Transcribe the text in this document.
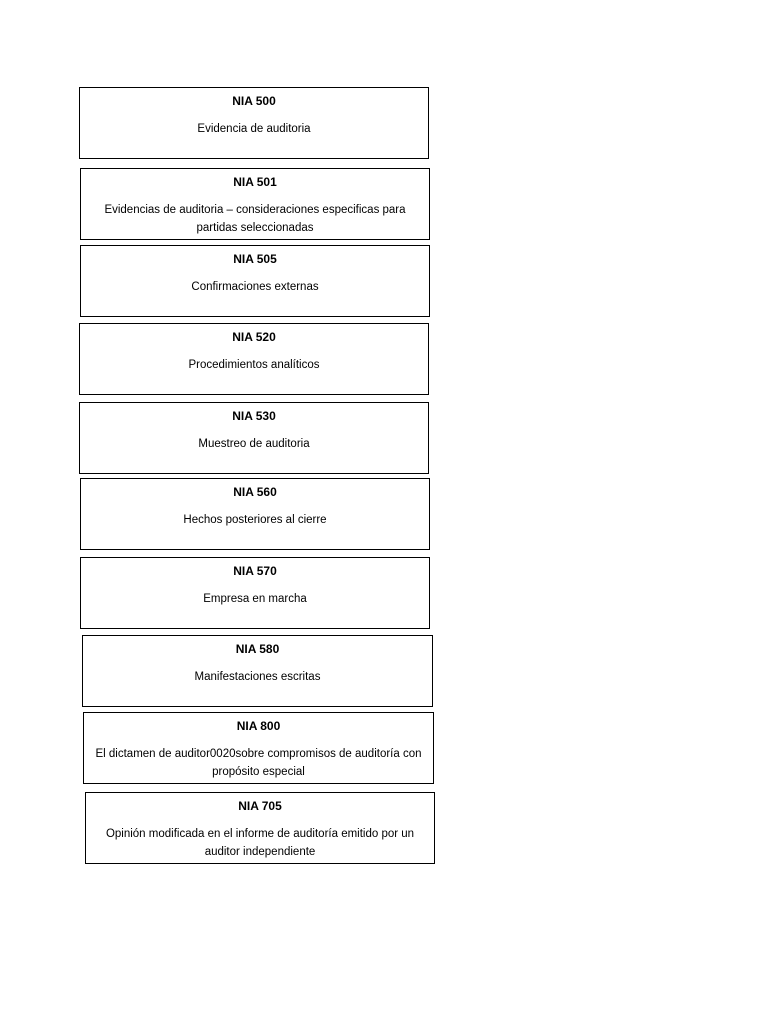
NIA 500
Evidencia de auditoria
NIA 501
Evidencias de auditoria – consideraciones especificas para partidas seleccionadas
NIA 505
Confirmaciones externas
NIA 520
Procedimientos analíticos
NIA 530
Muestreo de auditoria
NIA 560
Hechos posteriores al cierre
NIA 570
Empresa en marcha
NIA 580
Manifestaciones escritas
NIA 800
El dictamen de auditor0020sobre compromisos de auditoría con propósito especial
NIA 705
Opinión modificada en el informe de auditoría emitido por un auditor independiente
